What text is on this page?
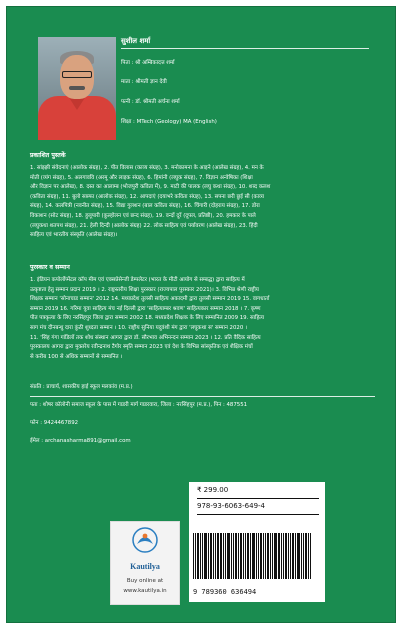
सुशील शर्मा
पिता : श्री अम्बिकादत्त शर्मा
माता : श्रीमती ज्ञान देवी
पत्नी : डॉ. श्रीमती अर्चना शर्मा
शिक्षा : MTech (Geology) MA (English)
प्रकाशित पुस्तकें
1. सांझ्झी संवेदनाएं (आलोक संग्रह), 2. पीत विलास (काव्य संग्रह), 3. मनोकामना के आइने (आलेख संग्रह), 4. मन के
मोती (व्यंग संग्रह), 5. अलगाववि (अरमू और लाइक संग्रह), 6. हिमांनी (लघुक संग्रह), 7. विज्ञान अन्वेषिका (शिक्षा
और विज्ञान पर आलेख), 8. दस्त का आलाम्ब (भोजपुरी कविता में), 9. माटी की पालक (लघु कथा संग्रह), 10. शब्द कलश
(कविता संग्रह), 11. बुलो सफ़्फा (आलोक संग्रह), 12. आपदाएं (दयाभरे कविता संग्रह), 13. सपना छरी छुई सी (काव्य
संग्रह), 14. कलपित्री (नवनीत संग्रह), 15. विद्या गुलशन (बाल कविता संग्रह), 16. चिंगारी (दोहराय संग्रह), 17. डोरा
विकाशन (सोट संग्रह), 18. हुलूपारी (कुल्होलन एवं छन्द संग्रह), 19. वन्दों दूरें (दूपल, प्रतिष्ठी), 20. हमकार के पाले
(लघुकथा शतपथ संग्रह), 21. हेली दिन्दी (आलोक संग्रह) 22. लोक साहित्य एवं पर्यावरण (आलेख संग्रह), 23. हिंदी
साहित्य एवं भारतीय संस्कृति (आलेख संग्रह)।
पुरस्कार व सम्मान
1. इंडियन कपोर्लोप्मेंटल कॉप मीम एवं एक्सप्रेसेन्जी डेम्पलेटर (भारत के मीटी आयोग से सम्बद्ध) द्वारा साहित्य में
उत्कृष्टता हेतु सम्मान प्रदान 2019 । 2. राष्ट्रस्तरीय शिक्षा पुरस्कार (राज्यपाल पुरस्कार 2021)। 3. विभिन्न श्रेणी राष्ट्रीय
शिक्षक सम्मान 'सोनाचाड सम्मान' 2012 14. मध्यप्रदेश तुलसी साहित्य अकादमी द्वारा तुलसी सम्मान 2019 15. वागधार्ता
सम्मान 2019 16. गरिमा युवा साहित्य मंच नई दिल्ली द्वारा 'साहित्याम्बर श्रवण' साहित्यकार सम्मान 2018 । 7. कृष्ण
पीत पत्रकृत्या के लिए नरसिंहपुर जिला द्वारा सम्मान 2002 18. मध्यप्रदेश शिक्षक के लिए सम्मानित 2009 19. साहित्य
साग मंच दीनबन्धु दारा कुंठी शुध्दता सम्मान । 10. राष्ट्रीय सुनिया यदुवंशी मंग द्वारा 'लघुकथा स' सम्मान 2020 ।
11. 'सिंह गंगा गांडिलों तक शोध संस्थान आगरा द्वारा डॉ. सौरभाव अभिनन्दन सम्मान 2023 । 12. प्रति वैदिक साहित्य
पुरस्कालय आगरा द्वारा मुक्तरेय रवीन्द्रनाथ टैगोर स्मृति सम्मान 2023 एवं देश के विभिन्न सांस्कृतिक एवं शैक्षिक मंचों
से करीब 100 से अधिक सम्मानों से सम्मानित ।
संप्रति : प्राचार्य, शासकीय हाई स्कूल मलकांव (म.प्र.)
पता : शोषर कॉलोनी समाज स्कूल के पास में गाडरी मार्ग गाडरवारा, जिला : नरसिंहपुर (म.प्र.), पिन : 487551
फोन : 9424467892
ईमेल : archanasharma891@gmail.com
Kautilya
Buy online at
www.kautilya.in
₹ 299.00
978-93-6063-649-4
9 789360 636494
